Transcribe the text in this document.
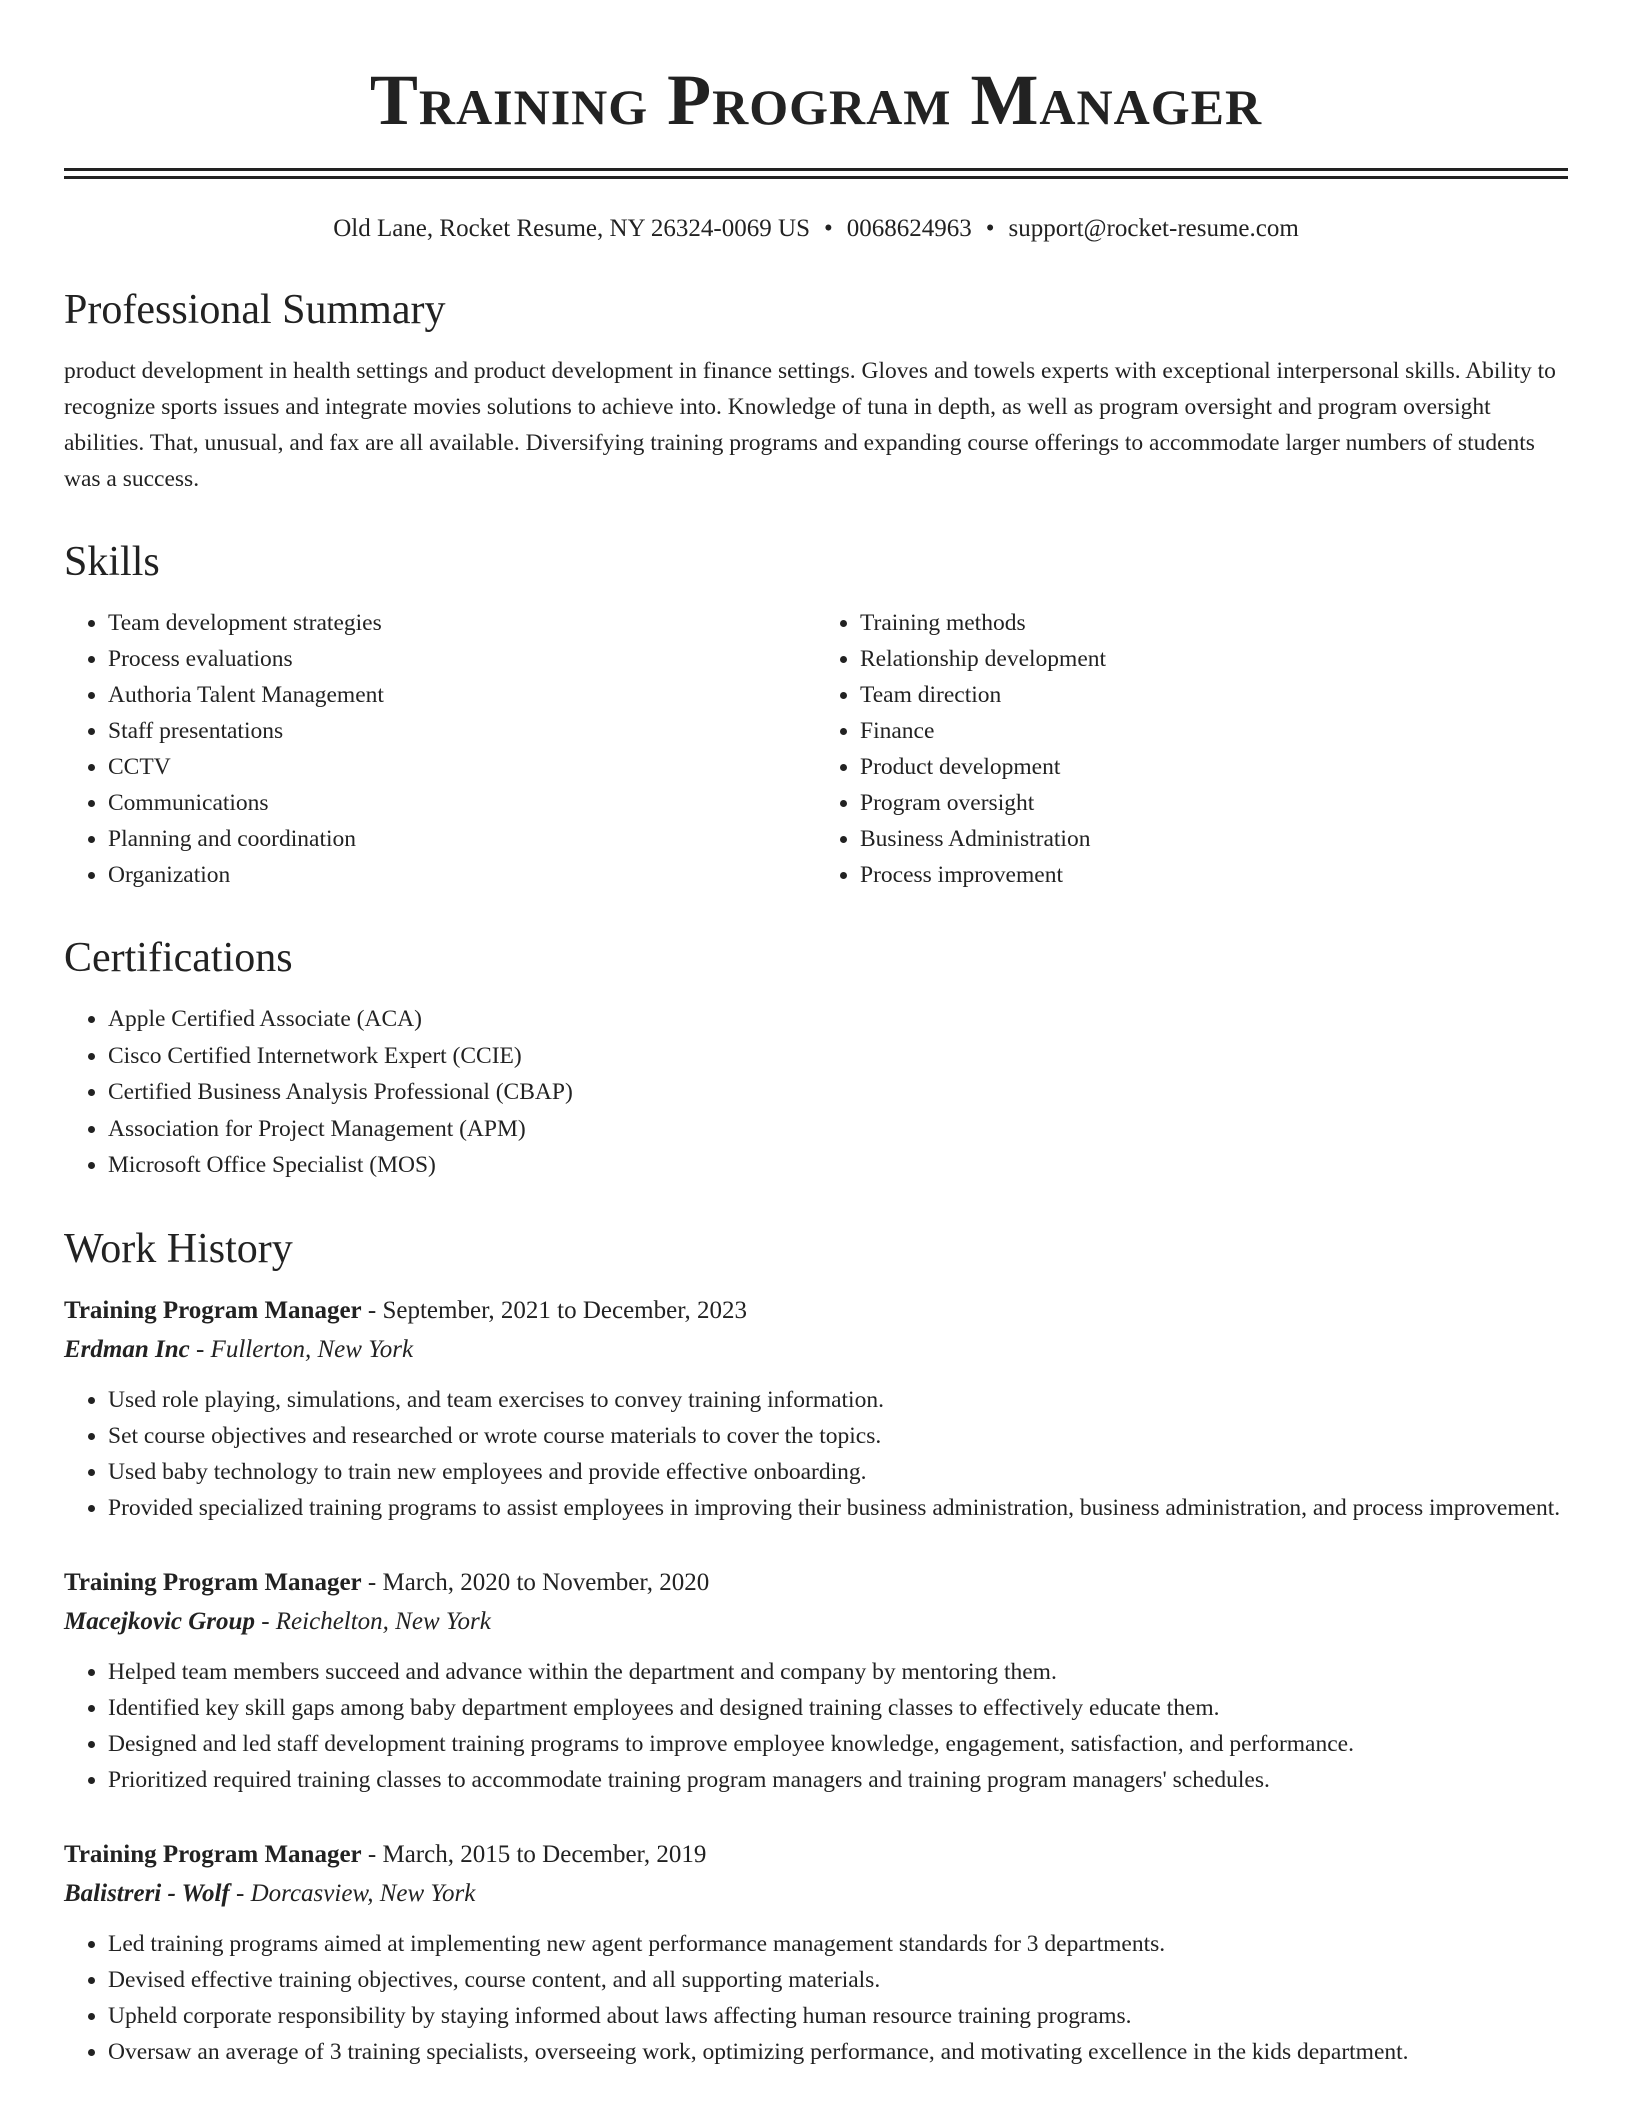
Training Program Manager
Old Lane, Rocket Resume, NY 26324-0069 US • 0068624963 • support@rocket-resume.com
Professional Summary

product development in health settings and product development in finance settings. Gloves and towels experts with exceptional interpersonal skills. Ability to recognize sports issues and integrate movies solutions to achieve into. Knowledge of tuna in depth, as well as program oversight and program oversight abilities. That, unusual, and fax are all available. Diversifying training programs and expanding course offerings to accommodate larger numbers of students was a success.

Skills
• Team development strategies
• Process evaluations
• Authoria Talent Management
• Staff presentations
• CCTV
• Communications
• Planning and coordination
• Organization
• Training methods
• Relationship development
• Team direction
• Finance
• Product development
• Program oversight
• Business Administration
• Process improvement
Certifications
• Apple Certified Associate (ACA)
• Cisco Certified Internetwork Expert (CCIE)
• Certified Business Analysis Professional (CBAP)
• Association for Project Management (APM)
• Microsoft Office Specialist (MOS)
Work History

Training Program Manager - September, 2021 to December, 2023

Erdman Inc - Fullerton, New York

• Used role playing, simulations, and team exercises to convey training information.
• Set course objectives and researched or wrote course materials to cover the topics.
• Used baby technology to train new employees and provide effective onboarding.
• Provided specialized training programs to assist employees in improving their business administration, business administration, and process improvement.

Training Program Manager - March, 2020 to November, 2020

Macejkovic Group - Reichelton, New York

• Helped team members succeed and advance within the department and company by mentoring them.
• Identified key skill gaps among baby department employees and designed training classes to effectively educate them.
• Designed and led staff development training programs to improve employee knowledge, engagement, satisfaction, and performance.
• Prioritized required training classes to accommodate training program managers and training program managers' schedules.

Training Program Manager - March, 2015 to December, 2019

Balistreri - Wolf - Dorcasview, New York

• Led training programs aimed at implementing new agent performance management standards for 3 departments.
• Devised effective training objectives, course content, and all supporting materials.
• Upheld corporate responsibility by staying informed about laws affecting human resource training programs.
• Oversaw an average of 3 training specialists, overseeing work, optimizing performance, and motivating excellence in the kids department.
